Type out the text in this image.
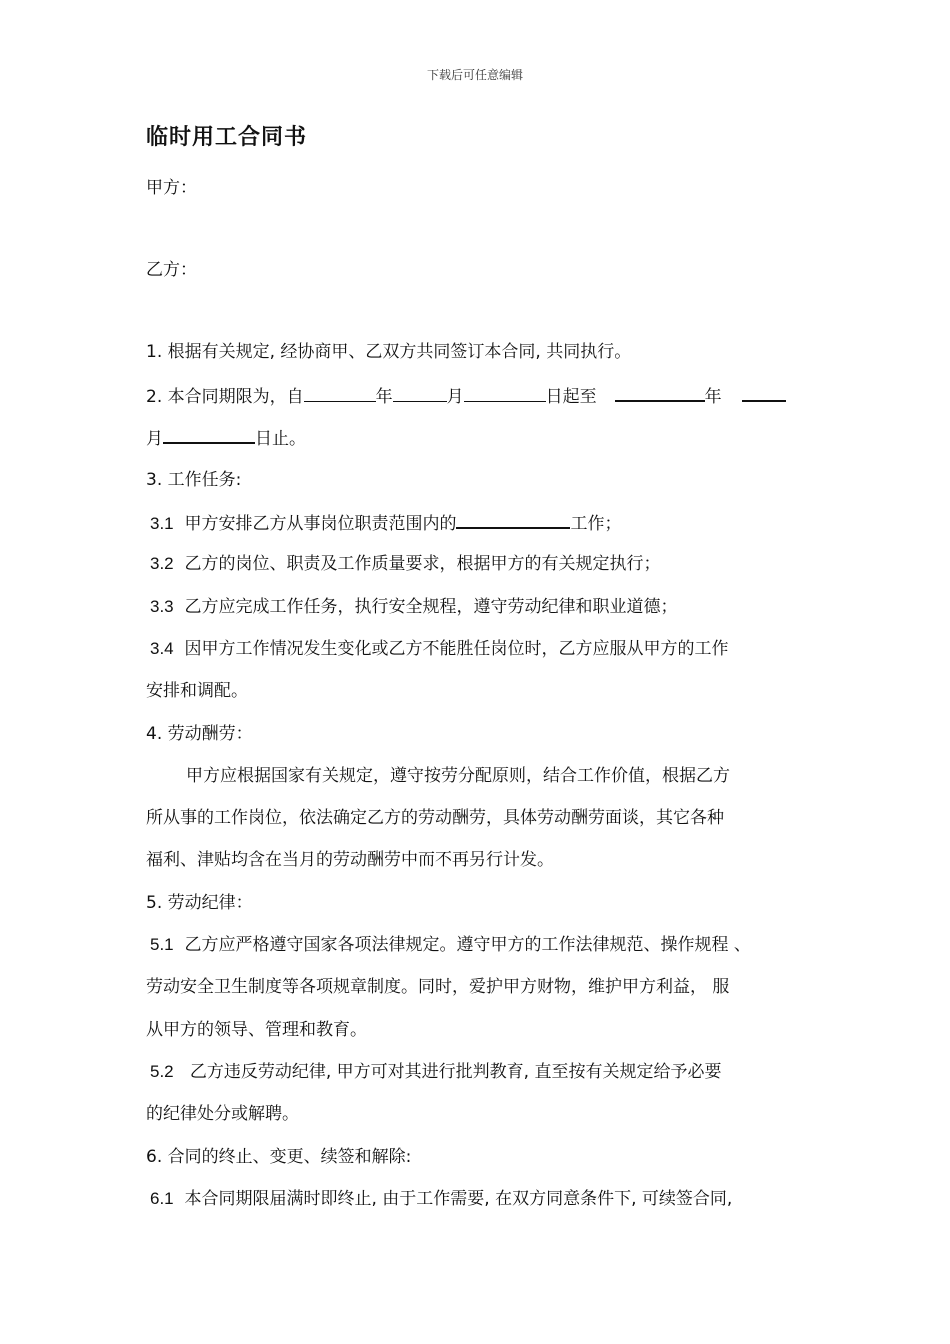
下载后可任意编辑
临时用工合同书
甲方：
乙方：
1. 根据有关规定, 经协商甲、乙双方共同签订本合同, 共同执行。
2. 本合同期限为，自	年	月	日起至	年
月	日止。
3. 工作任务:
3.1 甲方安排乙方从事岗位职责范围内的	工作；
3.2 乙方的岗位、职责及工作质量要求，根据甲方的有关规定执行；
3.3 乙方应完成工作任务，执行安全规程，遵守劳动纪律和职业道德；
3.4 因甲方工作情况发生变化或乙方不能胜任岗位时，乙方应服从甲方的工作
安排和调配。
4. 劳动酬劳：
甲方应根据国家有关规定，遵守按劳分配原则，结合工作价值，根据乙方
所从事的工作岗位，依法确定乙方的劳动酬劳，具体劳动酬劳面谈，其它各种
福利、津贴均含在当月的劳动酬劳中而不再另行计发。
5. 劳动纪律：
5.1 乙方应严格遵守国家各项法律规定。遵守甲方的工作法律规范、操作规程 、
劳动安全卫生制度等各项规章制度。同时，爱护甲方财物，维护甲方利益， 服
从甲方的领导、管理和教育。
5.2 乙方违反劳动纪律, 甲方可对其进行批判教育, 直至按有关规定给予必要
的纪律处分或解聘。
6. 合同的终止、变更、续签和解除:
6.1 本合同期限届满时即终止, 由于工作需要, 在双方同意条件下, 可续签合同,
